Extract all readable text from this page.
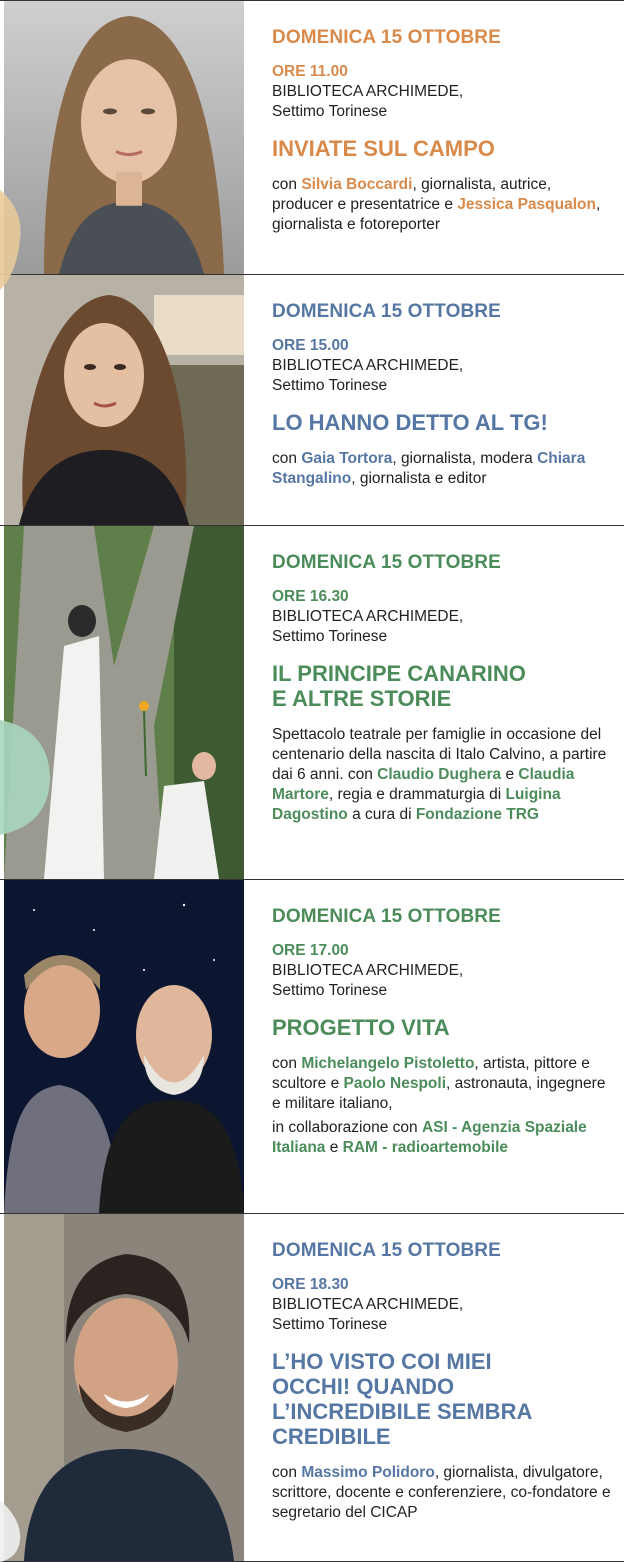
DOMENICA 15 OTTOBRE
ORE 11.00
BIBLIOTECA ARCHIMEDE,
Settimo Torinese
INVIATE SUL CAMPO
con Silvia Boccardi, giornalista, autrice, producer e presentatrice e Jessica Pasqualon, giornalista e fotoreporter
DOMENICA 15 OTTOBRE
ORE 15.00
BIBLIOTECA ARCHIMEDE,
Settimo Torinese
LO HANNO DETTO AL TG!
con Gaia Tortora, giornalista, modera Chiara Stangalino, giornalista e editor
DOMENICA 15 OTTOBRE
ORE 16.30
BIBLIOTECA ARCHIMEDE,
Settimo Torinese
IL PRINCIPE CANARINO
E ALTRE STORIE
Spettacolo teatrale per famiglie in occasione del centenario della nascita di Italo Calvino, a partire dai 6 anni. con Claudio Dughera e Claudia Martore, regia e drammaturgia di Luigina Dagostino a cura di Fondazione TRG
DOMENICA 15 OTTOBRE
ORE 17.00
BIBLIOTECA ARCHIMEDE,
Settimo Torinese
PROGETTO VITA
con Michelangelo Pistoletto, artista, pittore e scultore e Paolo Nespoli, astronauta, ingegnere e militare italiano,
in collaborazione con ASI - Agenzia Spaziale Italiana e RAM - radioartemobile
DOMENICA 15 OTTOBRE
ORE 18.30
BIBLIOTECA ARCHIMEDE,
Settimo Torinese
L’HO VISTO COI MIEI
OCCHI! QUANDO
L’INCREDIBILE SEMBRA
CREDIBILE
con Massimo Polidoro, giornalista, divulgatore, scrittore, docente e conferenziere, co-fondatore e segretario del CICAP
